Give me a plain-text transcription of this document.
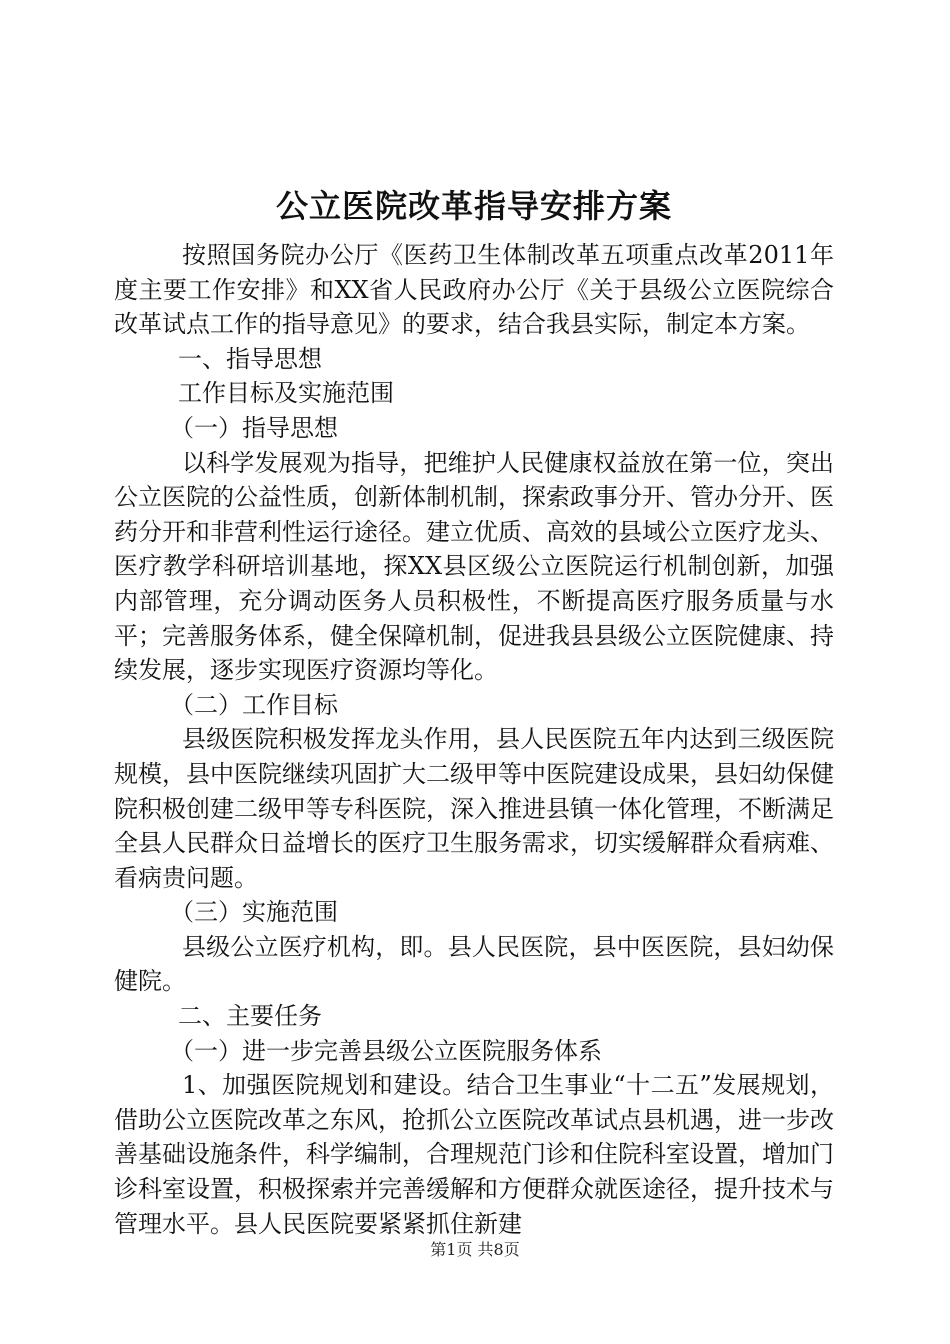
公立医院改革指导安排方案

按照国务院办公厅《医药卫生体制改革五项重点改革2011年度主要工作安排》和XX省人民政府办公厅《关于县级公立医院综合改革试点工作的指导意见》的要求，结合我县实际，制定本方案。

一、指导思想

工作目标及实施范围

（一）指导思想

以科学发展观为指导，把维护人民健康权益放在第一位，突出公立医院的公益性质，创新体制机制，探索政事分开、管办分开、医药分开和非营利性运行途径。建立优质、高效的县域公立医疗龙头、医疗教学科研培训基地，探XX县区级公立医院运行机制创新，加强内部管理，充分调动医务人员积极性，不断提高医疗服务质量与水平；完善服务体系，健全保障机制，促进我县县级公立医院健康、持续发展，逐步实现医疗资源均等化。

（二）工作目标

县级医院积极发挥龙头作用，县人民医院五年内达到三级医院规模，县中医院继续巩固扩大二级甲等中医院建设成果，县妇幼保健院积极创建二级甲等专科医院，深入推进县镇一体化管理，不断满足全县人民群众日益增长的医疗卫生服务需求，切实缓解群众看病难、看病贵问题。

（三）实施范围

县级公立医疗机构，即。县人民医院，县中医医院，县妇幼保健院。

二、主要任务

（一）进一步完善县级公立医院服务体系

1、加强医院规划和建设。结合卫生事业“十二五”发展规划，借助公立医院改革之东风，抢抓公立医院改革试点县机遇，进一步改善基础设施条件，科学编制，合理规范门诊和住院科室设置，增加门诊科室设置，积极探索并完善缓解和方便群众就医途径，提升技术与管理水平。县人民医院要紧紧抓住新建

第1页 共8页
